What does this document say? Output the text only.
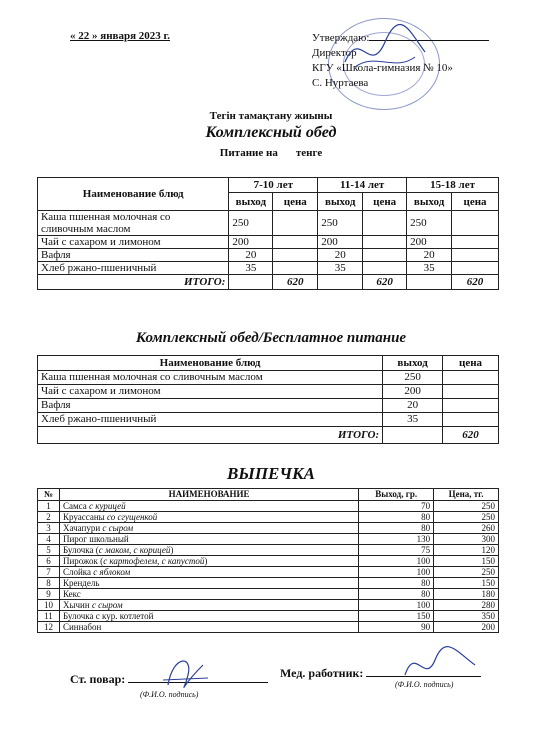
« 22 » января 2023 г.	Утверждаю:
Директор
КГУ «Школа-гимназия № 10»
С. Нуртаева
Тегін тамақтану жиыны
Комплексный обед
Питание на тенге
Наименование блюд	7-10 лет		11-14 лет		15-18 лет	
	выход	цена	выход	цена	выход	цена
Каша пшенная молочная со сливочным маслом	250		250		250	
Чай с сахаром и лимоном	200		200		200	
Вафля	20		20		20	
Хлеб ржано-пшеничный	35		35		35	
ИТОГО:		620		620		620
Комплексный обед/Бесплатное питание
Наименование блюд	выход	цена
Каша пшенная молочная со сливочным маслом	250	
Чай с сахаром и лимоном	200	
Вафля	20	
Хлеб ржано-пшеничный	35	
ИТОГО:		620
ВЫПЕЧКА
№	НАИМЕНОВАНИЕ	Выход, гр.	Цена, тг.
1	Самса с курицей	70	250
2	Круассаны со сгущенкой	80	250
3	Хачапури с сыром	80	260
4	Пирог школьный	130	300
5	Булочка (с маком, с корицей)	75	120
6	Пирожок (с картофелем, с капустой)	100	150
7	Слойка с яблоком	100	250
8	Крендель	80	150
9	Кекс	80	180
10	Хычин с сыром	100	280
11	Булочка с кур. котлетой	150	350
12	Синнабон	90	200
Ст. повар:
(Ф.И.О. подпись)
Мед. работник:
(Ф.И.О. подпись)
